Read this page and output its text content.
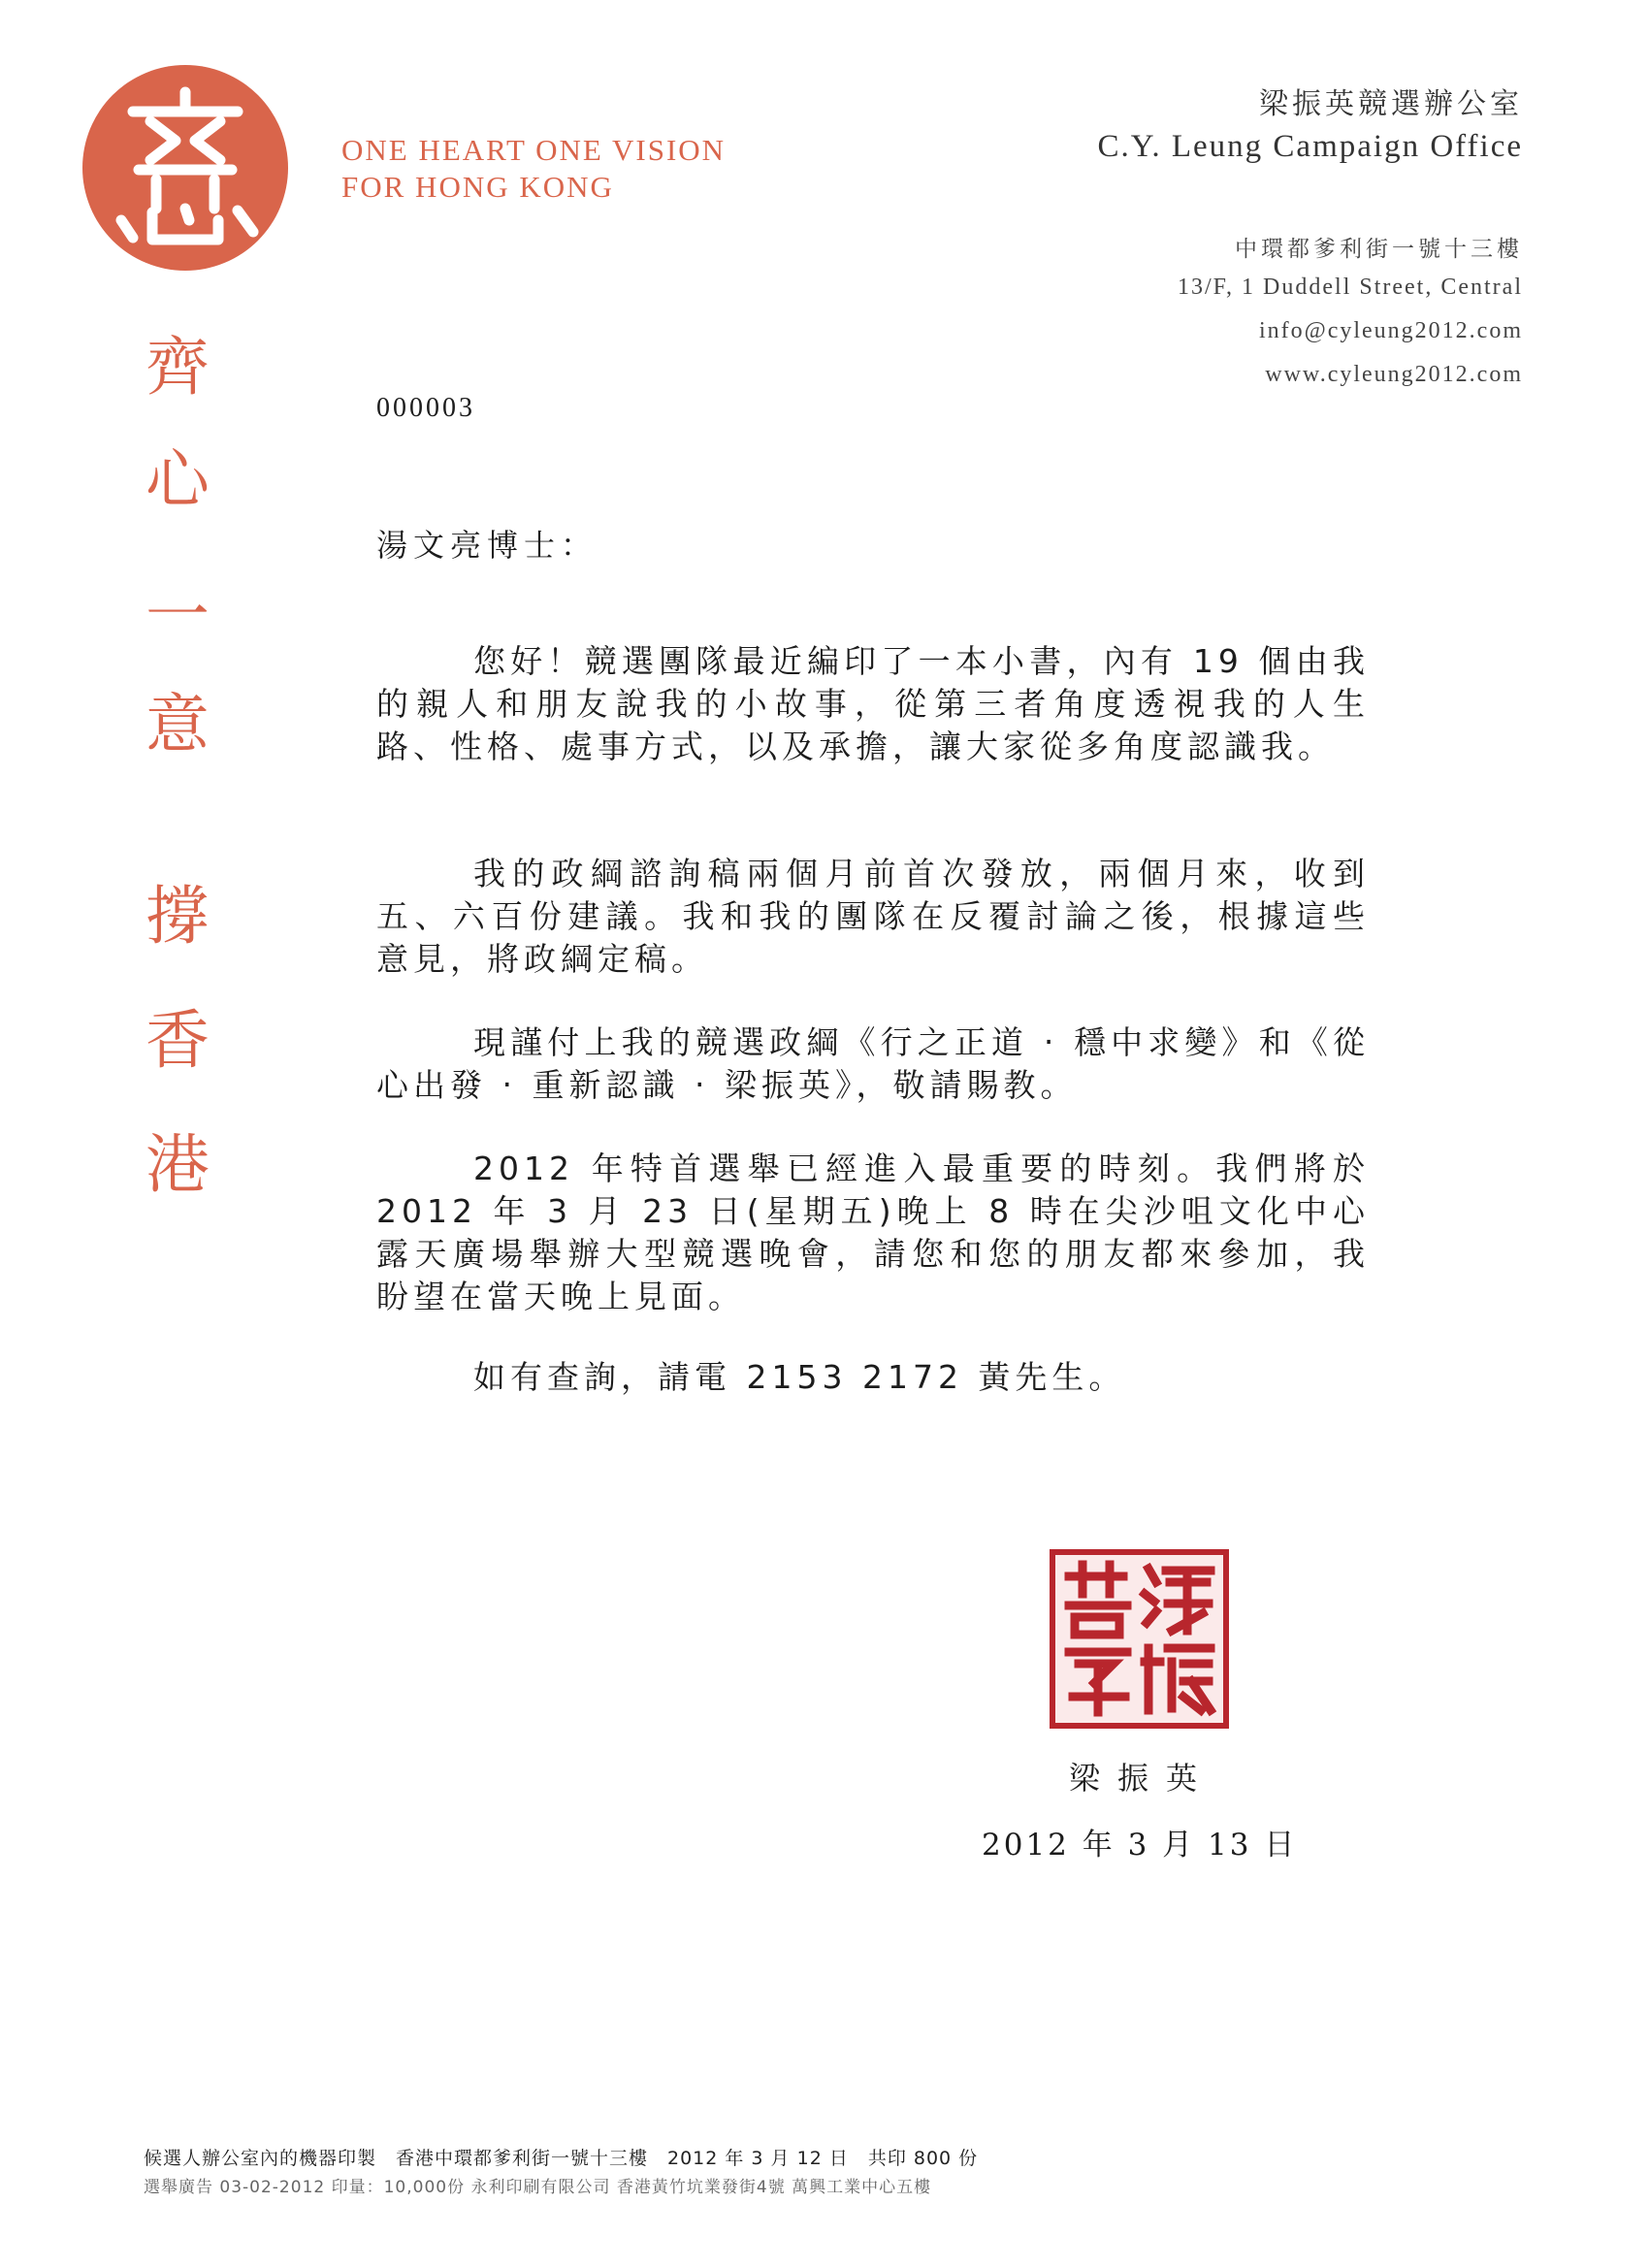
ONE HEART ONE VISION
FOR HONG KONG
齊
心
一
意
撐
香
港
梁振英競選辦公室
C.Y. Leung Campaign Office
中環都爹利街一號十三樓
13/F, 1 Duddell Street, Central
info@cyleung2012.com
www.cyleung2012.com
000003
湯文亮博士：
您好！競選團隊最近編印了一本小書，內有 19 個由我的親人和朋友說我的小故事，從第三者角度透視我的人生路、性格、處事方式，以及承擔，讓大家從多角度認識我。
我的政綱諮詢稿兩個月前首次發放，兩個月來，收到五、六百份建議。我和我的團隊在反覆討論之後，根據這些意見，將政綱定稿。
現謹付上我的競選政綱《行之正道 ‧ 穩中求變》和《從心出發 ‧ 重新認識 ‧ 梁振英》，敬請賜教。
2012 年特首選舉已經進入最重要的時刻。我們將於 2012 年 3 月 23 日(星期五)晚上 8 時在尖沙咀文化中心露天廣場舉辦大型競選晚會，請您和您的朋友都來參加，我盼望在當天晚上見面。
如有查詢，請電 2153 2172 黃先生。
梁振英
2012 年 3 月 13 日
候選人辦公室內的機器印製　香港中環都爹利街一號十三樓　2012 年 3 月 12 日　共印 800 份
選舉廣告 03-02-2012 印量：10,000份 永利印刷有限公司 香港黃竹坑業發街4號 萬興工業中心五樓
